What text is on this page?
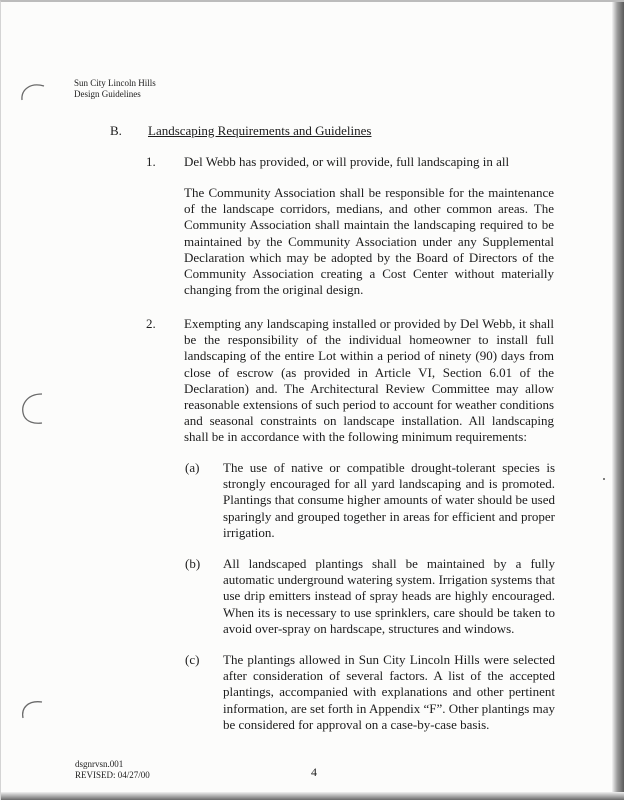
Sun City Lincoln Hills
Design Guidelines
B. Landscaping Requirements and Guidelines
1. Del Webb has provided, or will provide, full landscaping in all

The Community Association shall be responsible for the maintenance of the landscape corridors, medians, and other common areas. The Community Association shall maintain the landscaping required to be maintained by the Community Association under any Supplemental Declaration which may be adopted by the Board of Directors of the Community Association creating a Cost Center without materially changing from the original design.

2. Exempting any landscaping installed or provided by Del Webb, it shall be the responsibility of the individual homeowner to install full landscaping of the entire Lot within a period of ninety (90) days from close of escrow (as provided in Article VI, Section 6.01 of the Declaration) and. The Architectural Review Committee may allow reasonable extensions of such period to account for weather conditions and seasonal constraints on landscape installation. All landscaping shall be in accordance with the following minimum requirements:

(a) The use of native or compatible drought-tolerant species is strongly encouraged for all yard landscaping and is promoted. Plantings that consume higher amounts of water should be used sparingly and grouped together in areas for efficient and proper irrigation.

(b) All landscaped plantings shall be maintained by a fully automatic underground watering system. Irrigation systems that use drip emitters instead of spray heads are highly encouraged. When its is necessary to use sprinklers, care should be taken to avoid over-spray on hardscape, structures and windows.

(c) The plantings allowed in Sun City Lincoln Hills were selected after consideration of several factors. A list of the accepted plantings, accompanied with explanations and other pertinent information, are set forth in Appendix “F”. Other plantings may be considered for approval on a case-by-case basis.

dsgnrvsn.001
REVISED: 04/27/00	4
